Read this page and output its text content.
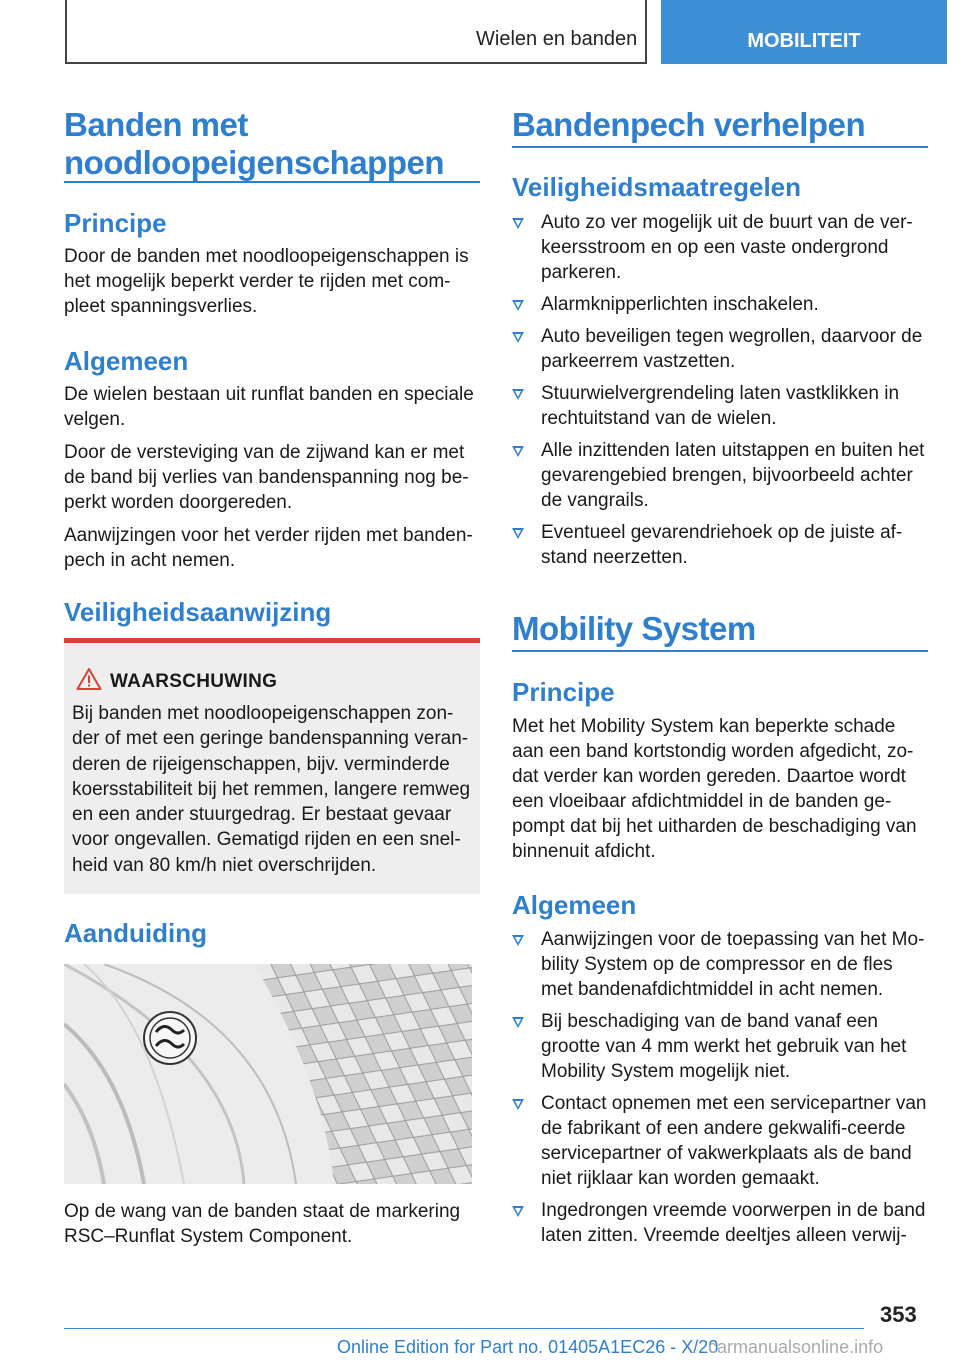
Wielen en banden	MOBILITEIT
Banden met noodloopeigenschappen
Principe

Door de banden met noodloopeigenschappen is het mogelijk beperkt verder te rijden met com-pleet spanningsverlies.

Algemeen

De wielen bestaan uit runflat banden en speciale velgen.

Door de versteviging van de zijwand kan er met de band bij verlies van bandenspanning nog be-perkt worden doorgereden.

Aanwijzingen voor het verder rijden met banden-pech in acht nemen.

Veiligheidsaanwijzing
WAARSCHUWING

Bij banden met noodloopeigenschappen zon-der of met een geringe bandenspanning veran-deren de rijeigenschappen, bijv. verminderde koersstabiliteit bij het remmen, langere remweg en een ander stuurgedrag. Er bestaat gevaar voor ongevallen. Gematigd rijden en een snel-heid van 80 km/h niet overschrijden.

Aanduiding

Op de wang van de banden staat de markering RSC–Runflat System Component.

Bandenpech verhelpen
Veiligheidsmaatregelen
Auto zo ver mogelijk uit de buurt van de ver-keersstroom en op een vaste ondergrond parkeren.
Alarmknipperlichten inschakelen.
Auto beveiligen tegen wegrollen, daarvoor de parkeerrem vastzetten.
Stuurwielvergrendeling laten vastklikken in rechtuitstand van de wielen.
Alle inzittenden laten uitstappen en buiten het gevarengebied brengen, bijvoorbeeld achter de vangrails.
Eventueel gevarendriehoek op de juiste af-stand neerzetten.
Mobility System
Principe

Met het Mobility System kan beperkte schade aan een band kortstondig worden afgedicht, zo-dat verder kan worden gereden. Daartoe wordt een vloeibaar afdichtmiddel in de banden ge-pompt dat bij het uitharden de beschadiging van binnenuit afdicht.

Algemeen
Aanwijzingen voor de toepassing van het Mo-bility System op de compressor en de fles met bandenafdichtmiddel in acht nemen.
Bij beschadiging van de band vanaf een grootte van 4 mm werkt het gebruik van het Mobility System mogelijk niet.
Contact opnemen met een servicepartner van de fabrikant of een andere gekwalifi-ceerde servicepartner of vakwerkplaats als de band niet rijklaar kan worden gemaakt.
Ingedrongen vreemde voorwerpen in de band laten zitten. Vreemde deeltjes alleen verwij-
353
Online Edition for Part no. 01405A1EC26 - X/20
carmanualsonline.info
